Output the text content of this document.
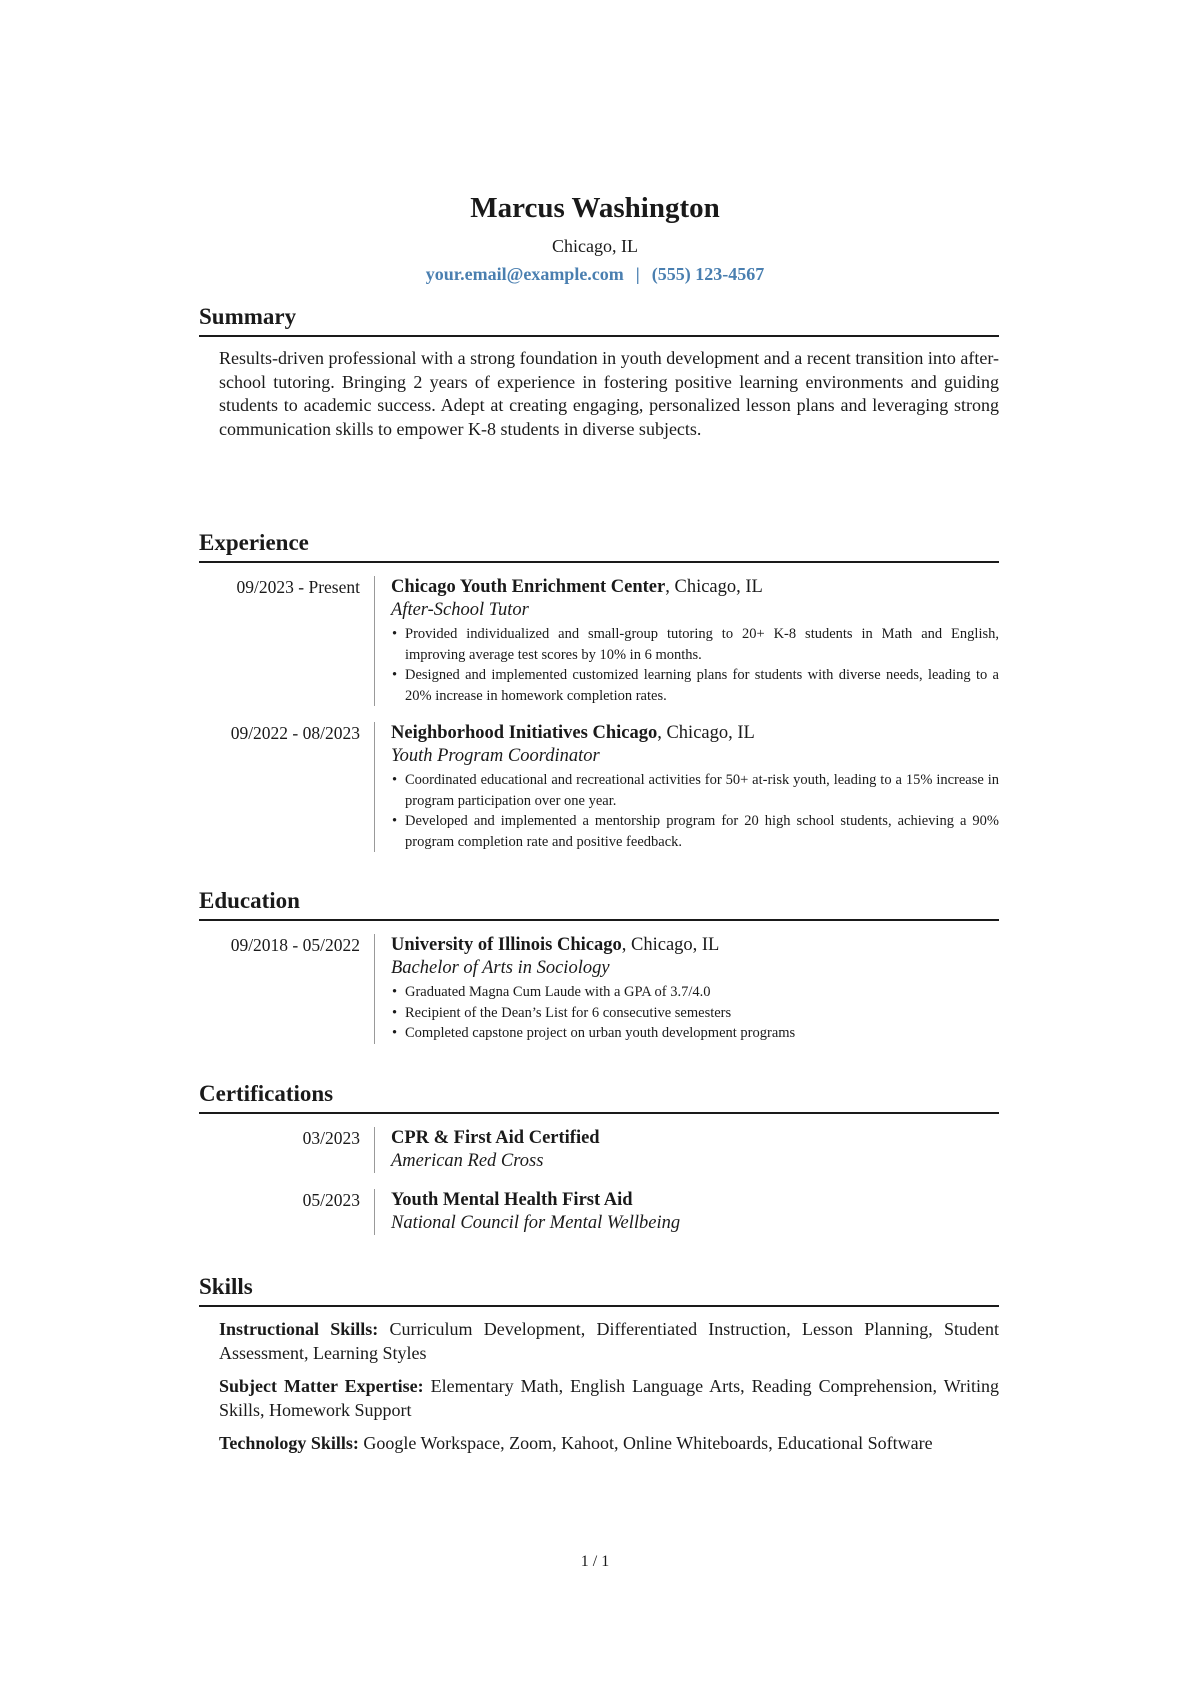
Marcus Washington
Chicago, IL
your.email@example.com | (555) 123-4567
Summary
Results-driven professional with a strong foundation in youth development and a recent transition into after-school tutoring. Bringing 2 years of experience in fostering positive learning environments and guiding students to academic success. Adept at creating engaging, personalized lesson plans and leveraging strong communication skills to empower K-8 students in diverse subjects.
Experience
09/2023 - Present	Chicago Youth Enrichment Center, Chicago, IL
After-School Tutor
• Provided individualized and small-group tutoring to 20+ K-8 students in Math and English, improving average test scores by 10% in 6 months.
• Designed and implemented customized learning plans for students with diverse needs, leading to a 20% increase in homework completion rates.
09/2022 - 08/2023	Neighborhood Initiatives Chicago, Chicago, IL
Youth Program Coordinator
• Coordinated educational and recreational activities for 50+ at-risk youth, leading to a 15% increase in program participation over one year.
• Developed and implemented a mentorship program for 20 high school students, achieving a 90% program completion rate and positive feedback.
Education
09/2018 - 05/2022	University of Illinois Chicago, Chicago, IL
Bachelor of Arts in Sociology
• Graduated Magna Cum Laude with a GPA of 3.7/4.0
• Recipient of the Dean’s List for 6 consecutive semesters
• Completed capstone project on urban youth development programs
Certifications
03/2023	CPR & First Aid Certified
American Red Cross
05/2023	Youth Mental Health First Aid
National Council for Mental Wellbeing
Skills
Instructional Skills: Curriculum Development, Differentiated Instruction, Lesson Planning, Student Assessment, Learning Styles
Subject Matter Expertise: Elementary Math, English Language Arts, Reading Comprehension, Writing Skills, Homework Support
Technology Skills: Google Workspace, Zoom, Kahoot, Online Whiteboards, Educational Software
1 / 1
